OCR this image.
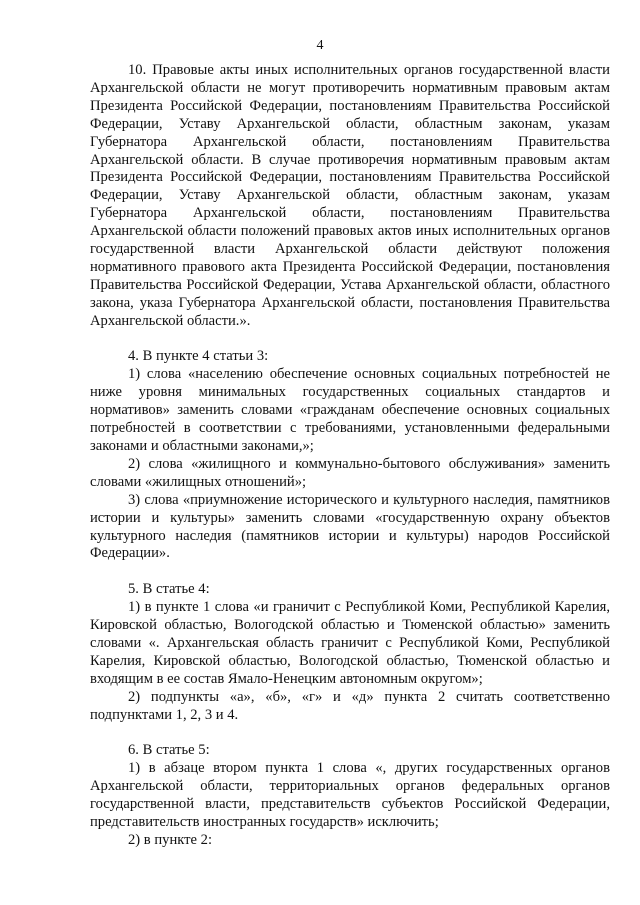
4

10. Правовые акты иных исполнительных органов государственной власти Архангельской области не могут противоречить нормативным правовым актам Президента Российской Федерации, постановлениям Правительства Российской Федерации, Уставу Архангельской области, областным законам, указам Губернатора Архангельской области, постановлениям Правительства Архангельской области. В случае противоречия нормативным правовым актам Президента Российской Федерации, постановлениям Правительства Российской Федерации, Уставу Архангельской области, областным законам, указам Губернатора Архангельской области, постановлениям Правительства Архангельской области положений правовых актов иных исполнительных органов государственной власти Архангельской области действуют положения нормативного правового акта Президента Российской Федерации, постановления Правительства Российской Федерации, Устава Архангельской области, областного закона, указа Губернатора Архангельской области, постановления Правительства Архангельской области.».

4. В пункте 4 статьи 3:

1) слова «населению обеспечение основных социальных потребностей не ниже уровня минимальных государственных социальных стандартов и нормативов» заменить словами «гражданам обеспечение основных социальных потребностей в соответствии с требованиями, установленными федеральными законами и областными законами,»;

2) слова «жилищного и коммунально-бытового обслуживания» заменить словами «жилищных отношений»;

3) слова «приумножение исторического и культурного наследия, памятников истории и культуры» заменить словами «государственную охрану объектов культурного наследия (памятников истории и культуры) народов Российской Федерации».

5. В статье 4:

1) в пункте 1 слова «и граничит с Республикой Коми, Республикой Карелия, Кировской областью, Вологодской областью и Тюменской областью» заменить словами «. Архангельская область граничит с Республикой Коми, Республикой Карелия, Кировской областью, Вологодской областью, Тюменской областью и входящим в ее состав Ямало-Ненецким автономным округом»;

2) подпункты «а», «б», «г» и «д» пункта 2 считать соответственно подпунктами 1, 2, 3 и 4.

6. В статье 5:

1) в абзаце втором пункта 1 слова «, других государственных органов Архангельской области, территориальных органов федеральных органов государственной власти, представительств субъектов Российской Федерации, представительств иностранных государств» исключить;

2) в пункте 2:
